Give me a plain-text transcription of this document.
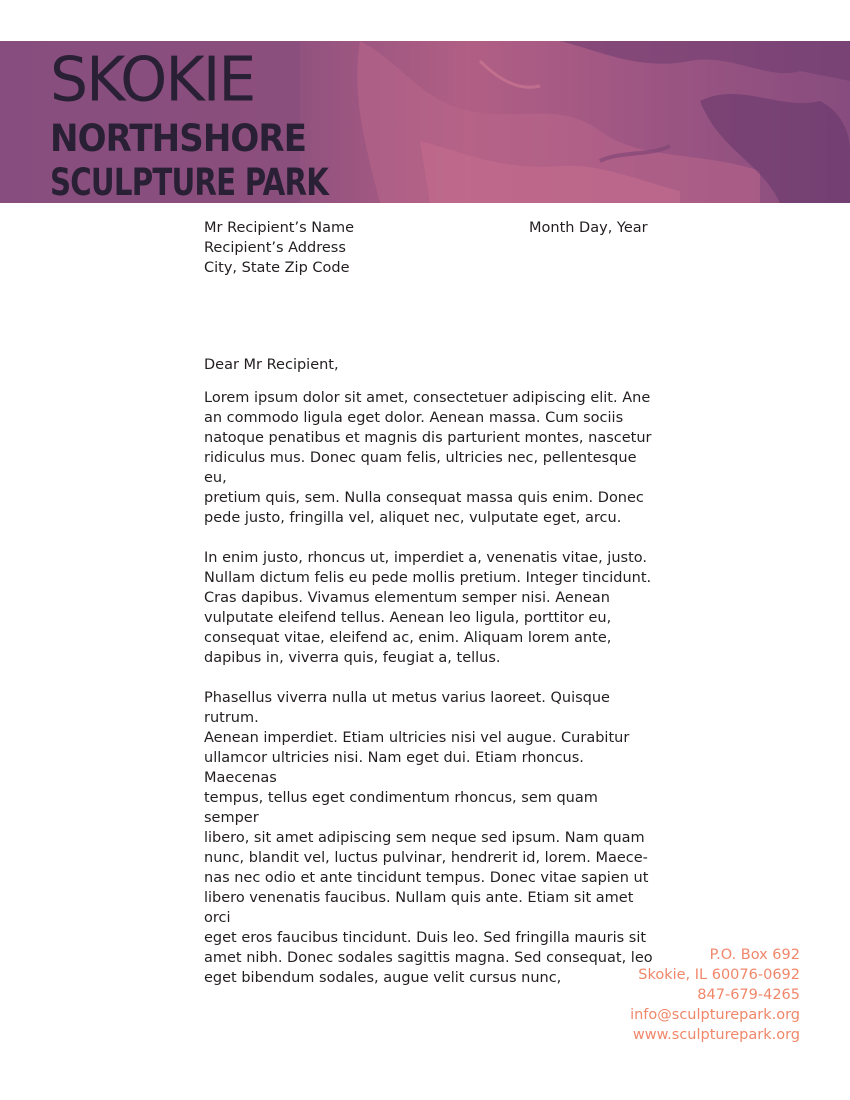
SKOKIE
NORTHSHORE
SCULPTURE PARK
Mr Recipient’s Name
Recipient’s Address
City, State Zip Code
Month Day, Year
Dear Mr Recipient,

Lorem ipsum dolor sit amet, consectetuer adipiscing elit. Ane
an commodo ligula eget dolor. Aenean massa. Cum sociis
natoque penatibus et magnis dis parturient montes, nascetur
ridiculus mus. Donec quam felis, ultricies nec, pellentesque eu,
pretium quis, sem. Nulla consequat massa quis enim. Donec
pede justo, fringilla vel, aliquet nec, vulputate eget, arcu.

In enim justo, rhoncus ut, imperdiet a, venenatis vitae, justo.
Nullam dictum felis eu pede mollis pretium. Integer tincidunt.
Cras dapibus. Vivamus elementum semper nisi. Aenean
vulputate eleifend tellus. Aenean leo ligula, porttitor eu,
consequat vitae, eleifend ac, enim. Aliquam lorem ante,
dapibus in, viverra quis, feugiat a, tellus.

Phasellus viverra nulla ut metus varius laoreet. Quisque rutrum.
Aenean imperdiet. Etiam ultricies nisi vel augue. Curabitur
ullamcor ultricies nisi. Nam eget dui. Etiam rhoncus. Maecenas
tempus, tellus eget condimentum rhoncus, sem quam semper
libero, sit amet adipiscing sem neque sed ipsum. Nam quam
nunc, blandit vel, luctus pulvinar, hendrerit id, lorem. Maece-
nas nec odio et ante tincidunt tempus. Donec vitae sapien ut
libero venenatis faucibus. Nullam quis ante. Etiam sit amet orci
eget eros faucibus tincidunt. Duis leo. Sed fringilla mauris sit
amet nibh. Donec sodales sagittis magna. Sed consequat, leo
eget bibendum sodales, augue velit cursus nunc,

P.O. Box 692
Skokie, IL 60076-0692
847-679-4265
info@sculpturepark.org
www.sculpturepark.org
